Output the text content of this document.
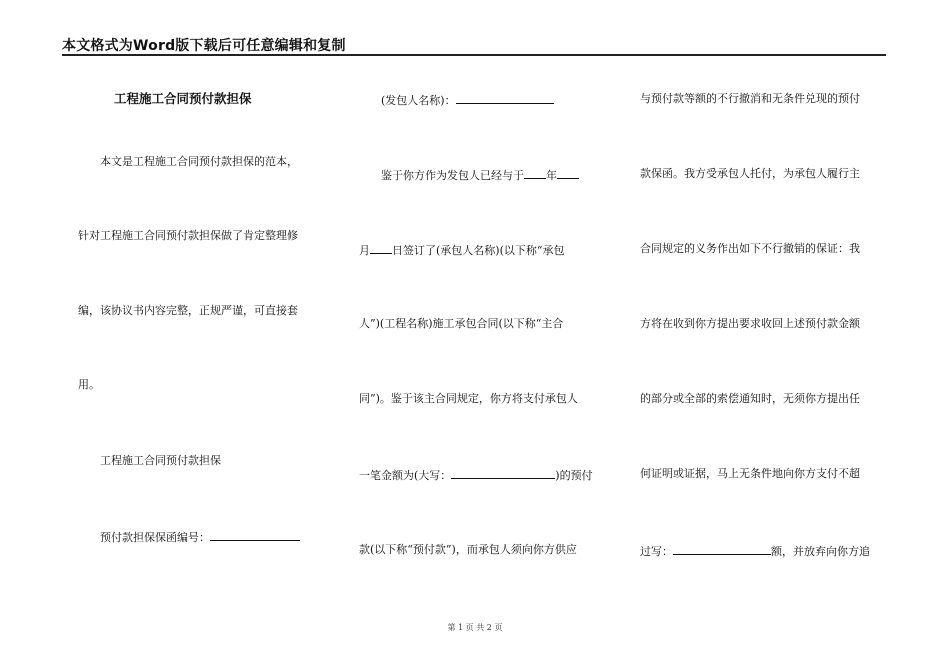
本文格式为Word版下载后可任意编辑和复制
工程施工合同预付款担保
本文是工程施工合同预付款担保的范本，
针对工程施工合同预付款担保做了肯定整理修
编，该协议书内容完整，正规严谨，可直接套
用。
工程施工合同预付款担保
预付款担保保函编号：
(发包人名称)：
鉴于你方作为发包人已经与于 年
月 日签订了(承包人名称)(以下称“承包
人”)(工程名称)施工承包合同(以下称“主合
同”)。鉴于该主合同规定，你方将支付承包人
一笔金额为(大写：	)的预付
款(以下称“预付款”)，而承包人须向你方供应
与预付款等额的不行撤消和无条件兑现的预付
款保函。我方受承包人托付，为承包人履行主
合同规定的义务作出如下不行撤销的保证：我
方将在收到你方提出要求收回上述预付款金额
的部分或全部的索偿通知时，无须你方提出任
何证明或证据，马上无条件地向你方支付不超
过写：	额，并放弃向你方追
第 1 页 共 2 页
